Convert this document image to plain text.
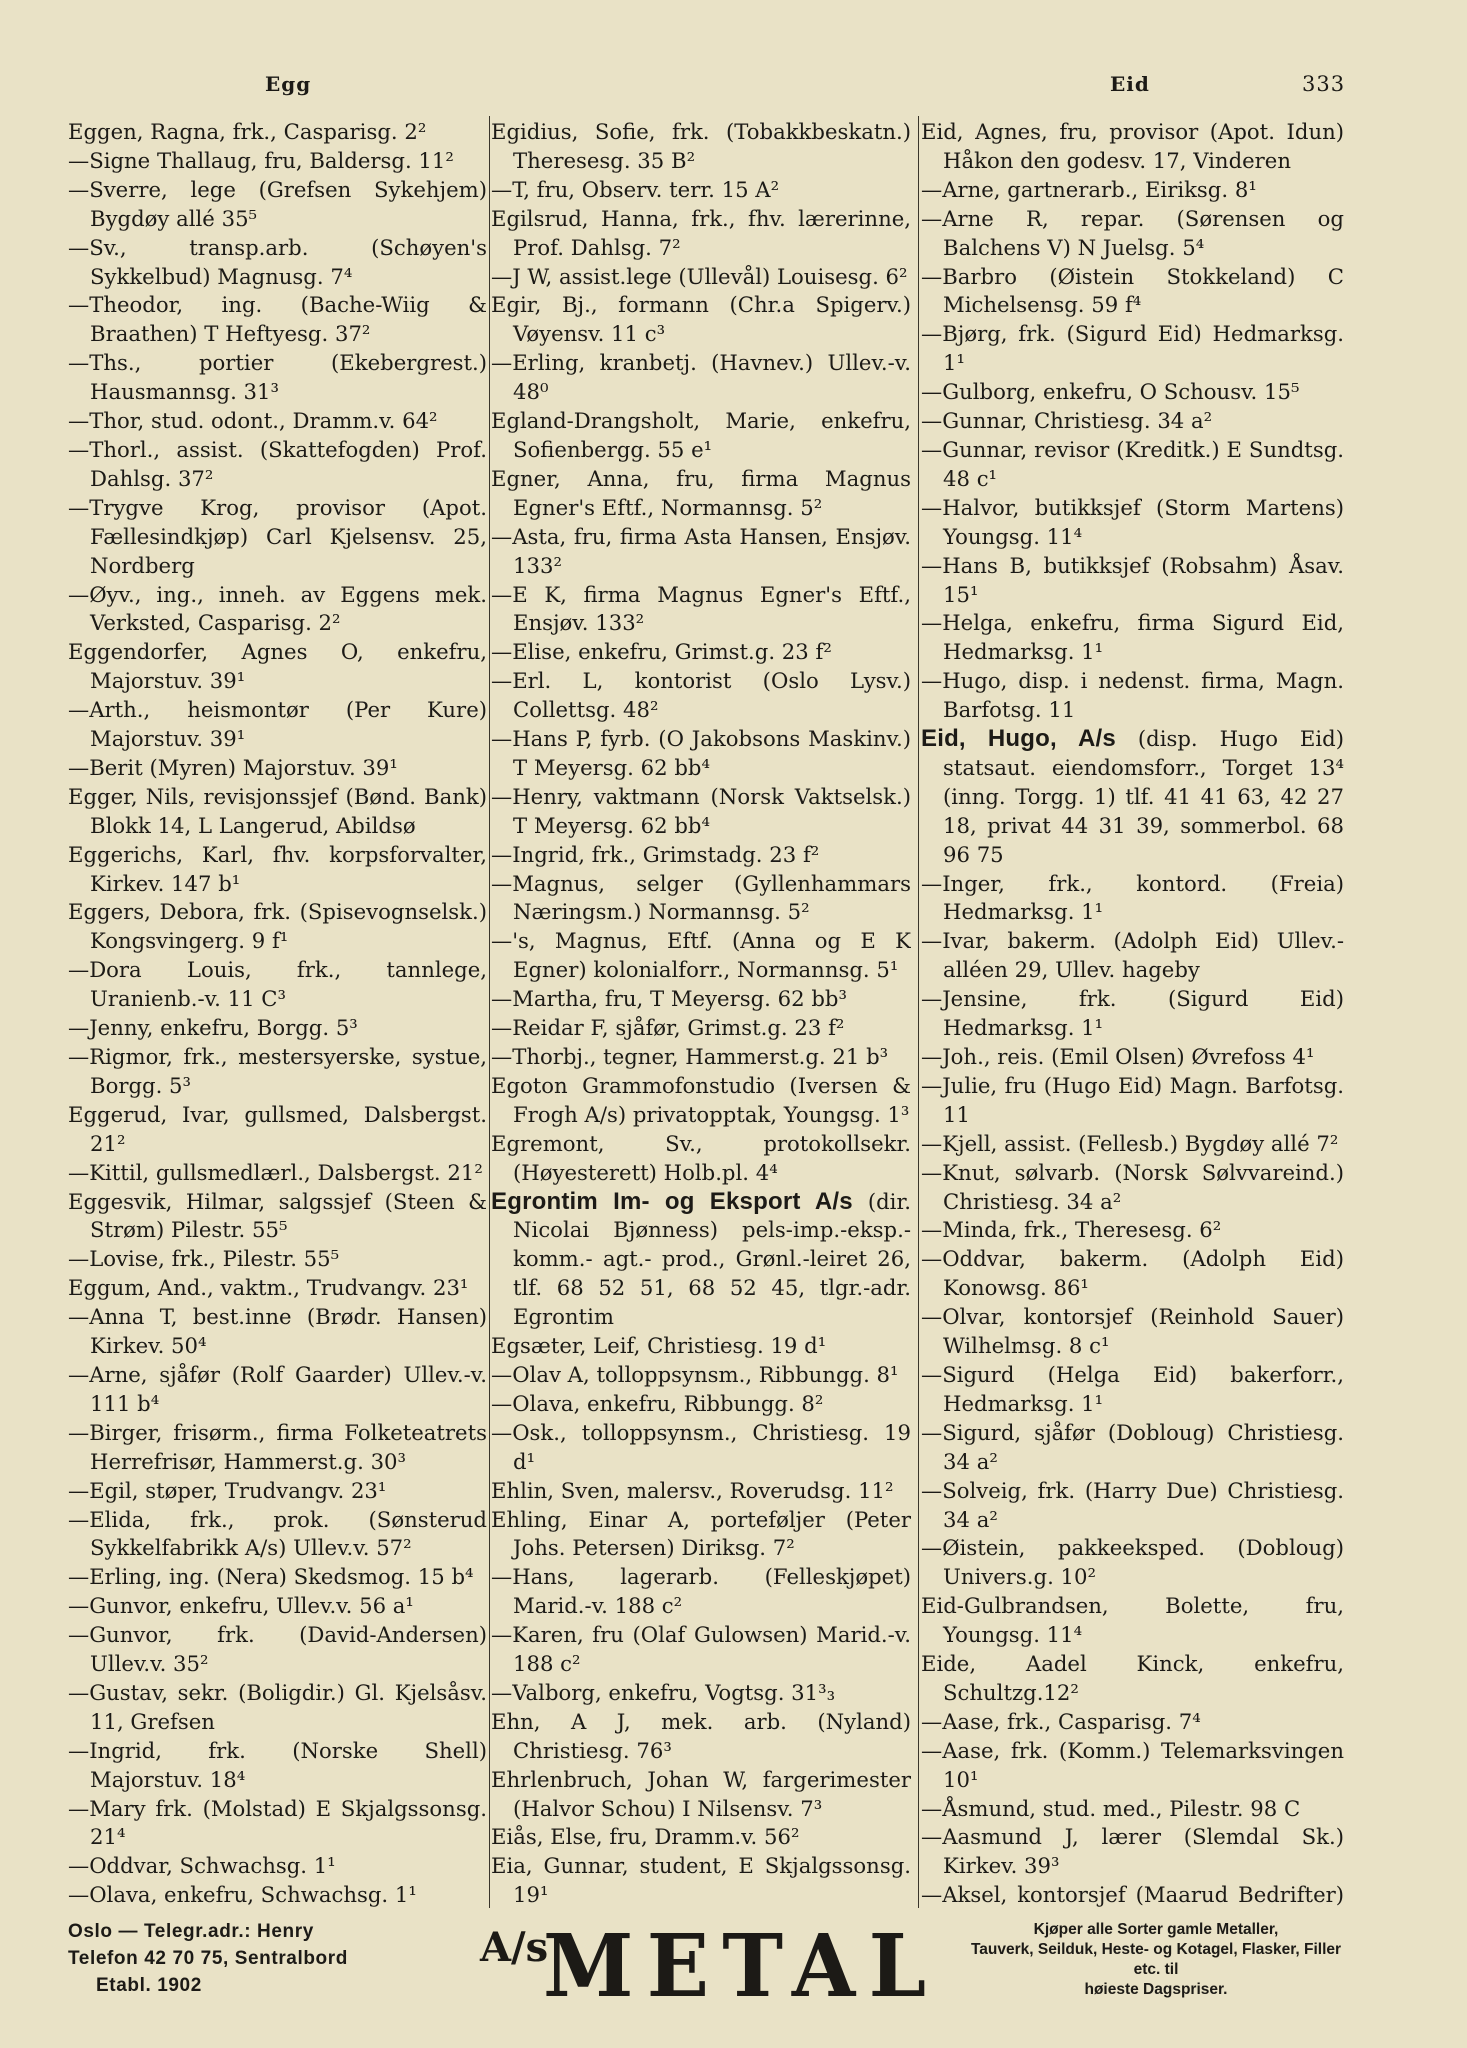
Egg	Eid	333
Eggen, Ragna, frk., Casparisg. 2²
—Signe Thallaug, fru, Baldersg. 11²
—Sverre, lege (Grefsen Sykehjem) Bygdøy allé 35⁵
—Sv., transp.arb. (Schøyen's Sykkelbud) Magnusg. 7⁴
—Theodor, ing. (Bache-Wiig & Braathen) T Heftyesg. 37²
—Ths., portier (Ekebergrest.) Hausmannsg. 31³
—Thor, stud. odont., Dramm.v. 64²
—Thorl., assist. (Skattefogden) Prof. Dahlsg. 37²
—Trygve Krog, provisor (Apot. Fællesindkjøp) Carl Kjelsensv. 25, Nordberg
—Øyv., ing., inneh. av Eggens mek. Verksted, Casparisg. 2²
Eggendorfer, Agnes O, enkefru, Majorstuv. 39¹
—Arth., heismontør (Per Kure) Majorstuv. 39¹
—Berit (Myren) Majorstuv. 39¹
Egger, Nils, revisjonssjef (Bønd. Bank) Blokk 14, L Langerud, Abildsø
Eggerichs, Karl, fhv. korpsforvalter, Kirkev. 147 b¹
Eggers, Debora, frk. (Spisevognselsk.) Kongsvingerg. 9 f¹
—Dora Louis, frk., tannlege, Uranienb.-v. 11 C³
—Jenny, enkefru, Borgg. 5³
—Rigmor, frk., mestersyerske, systue, Borgg. 5³
Eggerud, Ivar, gullsmed, Dalsbergst. 21²
—Kittil, gullsmedlærl., Dalsbergst. 21²
Eggesvik, Hilmar, salgssjef (Steen & Strøm) Pilestr. 55⁵
—Lovise, frk., Pilestr. 55⁵
Eggum, And., vaktm., Trudvangv. 23¹
—Anna T, best.inne (Brødr. Hansen) Kirkev. 50⁴
—Arne, sjåfør (Rolf Gaarder) Ullev.-v. 111 b⁴
—Birger, frisørm., firma Folketeatrets Herrefrisør, Hammerst.g. 30³
—Egil, støper, Trudvangv. 23¹
—Elida, frk., prok. (Sønsterud Sykkelfabrikk A/s) Ullev.v. 57²
—Erling, ing. (Nera) Skedsmog. 15 b⁴
—Gunvor, enkefru, Ullev.v. 56 a¹
—Gunvor, frk. (David-Andersen) Ullev.v. 35²
—Gustav, sekr. (Boligdir.) Gl. Kjelsåsv. 11, Grefsen
—Ingrid, frk. (Norske Shell) Majorstuv. 18⁴
—Mary frk. (Molstad) E Skjalgssonsg. 21⁴
—Oddvar, Schwachsg. 1¹
—Olava, enkefru, Schwachsg. 1¹
Egidius, Sofie, frk. (Tobakkbeskatn.) Theresesg. 35 B²
—T, fru, Observ. terr. 15 A²
Egilsrud, Hanna, frk., fhv. lærerinne, Prof. Dahlsg. 7²
—J W, assist.lege (Ullevål) Louisesg. 6²
Egir, Bj., formann (Chr.a Spigerv.) Vøyensv. 11 c³
—Erling, kranbetj. (Havnev.) Ullev.-v. 48⁰
Egland-Drangsholt, Marie, enkefru, Sofienbergg. 55 e¹
Egner, Anna, fru, firma Magnus Egner's Eftf., Normannsg. 5²
—Asta, fru, firma Asta Hansen, Ensjøv. 133²
—E K, firma Magnus Egner's Eftf., Ensjøv. 133²
—Elise, enkefru, Grimst.g. 23 f²
—Erl. L, kontorist (Oslo Lysv.) Collettsg. 48²
—Hans P, fyrb. (O Jakobsons Maskinv.) T Meyersg. 62 bb⁴
—Henry, vaktmann (Norsk Vaktselsk.) T Meyersg. 62 bb⁴
—Ingrid, frk., Grimstadg. 23 f²
—Magnus, selger (Gyllenhammars Næringsm.) Normannsg. 5²
—'s, Magnus, Eftf. (Anna og E K Egner) kolonialforr., Normannsg. 5¹
—Martha, fru, T Meyersg. 62 bb³
—Reidar F, sjåfør, Grimst.g. 23 f²
—Thorbj., tegner, Hammerst.g. 21 b³
Egoton Grammofonstudio (Iversen & Frogh A/s) privatopptak, Youngsg. 1³
Egremont, Sv., protokollsekr. (Høyesterett) Holb.pl. 4⁴
Egrontim Im- og Eksport A/s (dir. Nicolai Bjønness) pels-imp.-eksp.- komm.- agt.- prod., Grønl.-leiret 26, tlf. 68 52 51, 68 52 45, tlgr.-adr. Egrontim
Egsæter, Leif, Christiesg. 19 d¹
—Olav A, tolloppsynsm., Ribbungg. 8¹
—Olava, enkefru, Ribbungg. 8²
—Osk., tolloppsynsm., Christiesg. 19 d¹
Ehlin, Sven, malersv., Roverudsg. 11²
Ehling, Einar A, porteføljer (Peter Johs. Petersen) Diriksg. 7²
—Hans, lagerarb. (Felleskjøpet) Marid.-v. 188 c²
—Karen, fru (Olaf Gulowsen) Marid.-v. 188 c²
—Valborg, enkefru, Vogtsg. 31³₃
Ehn, A J, mek. arb. (Nyland) Christiesg. 76³
Ehrlenbruch, Johan W, fargerimester (Halvor Schou) I Nilsensv. 7³
Eiås, Else, fru, Dramm.v. 56²
Eia, Gunnar, student, E Skjalgssonsg. 19¹
Eid, Agnes, fru, provisor (Apot. Idun) Håkon den godesv. 17, Vinderen
—Arne, gartnerarb., Eiriksg. 8¹
—Arne R, repar. (Sørensen og Balchens V) N Juelsg. 5⁴
—Barbro (Øistein Stokkeland) C Michelsensg. 59 f⁴
—Bjørg, frk. (Sigurd Eid) Hedmarksg. 1¹
—Gulborg, enkefru, O Schousv. 15⁵
—Gunnar, Christiesg. 34 a²
—Gunnar, revisor (Kreditk.) E Sundtsg. 48 c¹
—Halvor, butikksjef (Storm Martens) Youngsg. 11⁴
—Hans B, butikksjef (Robsahm) Åsav. 15¹
—Helga, enkefru, firma Sigurd Eid, Hedmarksg. 1¹
—Hugo, disp. i nedenst. firma, Magn. Barfotsg. 11
Eid, Hugo, A/s (disp. Hugo Eid) statsaut. eiendomsforr., Torget 13⁴ (inng. Torgg. 1) tlf. 41 41 63, 42 27 18, privat 44 31 39, sommerbol. 68 96 75
—Inger, frk., kontord. (Freia) Hedmarksg. 1¹
—Ivar, bakerm. (Adolph Eid) Ullev.-alléen 29, Ullev. hageby
—Jensine, frk. (Sigurd Eid) Hedmarksg. 1¹
—Joh., reis. (Emil Olsen) Øvrefoss 4¹
—Julie, fru (Hugo Eid) Magn. Barfotsg. 11
—Kjell, assist. (Fellesb.) Bygdøy allé 7²
—Knut, sølvarb. (Norsk Sølvvareind.) Christiesg. 34 a²
—Minda, frk., Theresesg. 6²
—Oddvar, bakerm. (Adolph Eid) Konowsg. 86¹
—Olvar, kontorsjef (Reinhold Sauer) Wilhelmsg. 8 c¹
—Sigurd (Helga Eid) bakerforr., Hedmarksg. 1¹
—Sigurd, sjåfør (Dobloug) Christiesg. 34 a²
—Solveig, frk. (Harry Due) Christiesg. 34 a²
—Øistein, pakkeeksped. (Dobloug) Univers.g. 10²
Eid-Gulbrandsen, Bolette, fru, Youngsg. 11⁴
Eide, Aadel Kinck, enkefru, Schultzg.12²
—Aase, frk., Casparisg. 7⁴
—Aase, frk. (Komm.) Telemarksvingen 10¹
—Åsmund, stud. med., Pilestr. 98 C
—Aasmund J, lærer (Slemdal Sk.) Kirkev. 39³
—Aksel, kontorsjef (Maarud Bedrifter)
Oslo — Telegr.adr.: Henry
Telefon 42 70 75, Sentralbord
Etabl. 1902
A/s
METAL	Kjøper alle Sorter gamle Metaller,
Tauverk, Seilduk, Heste- og Kotagel, Flasker, Filler etc. til
høieste Dagspriser.
